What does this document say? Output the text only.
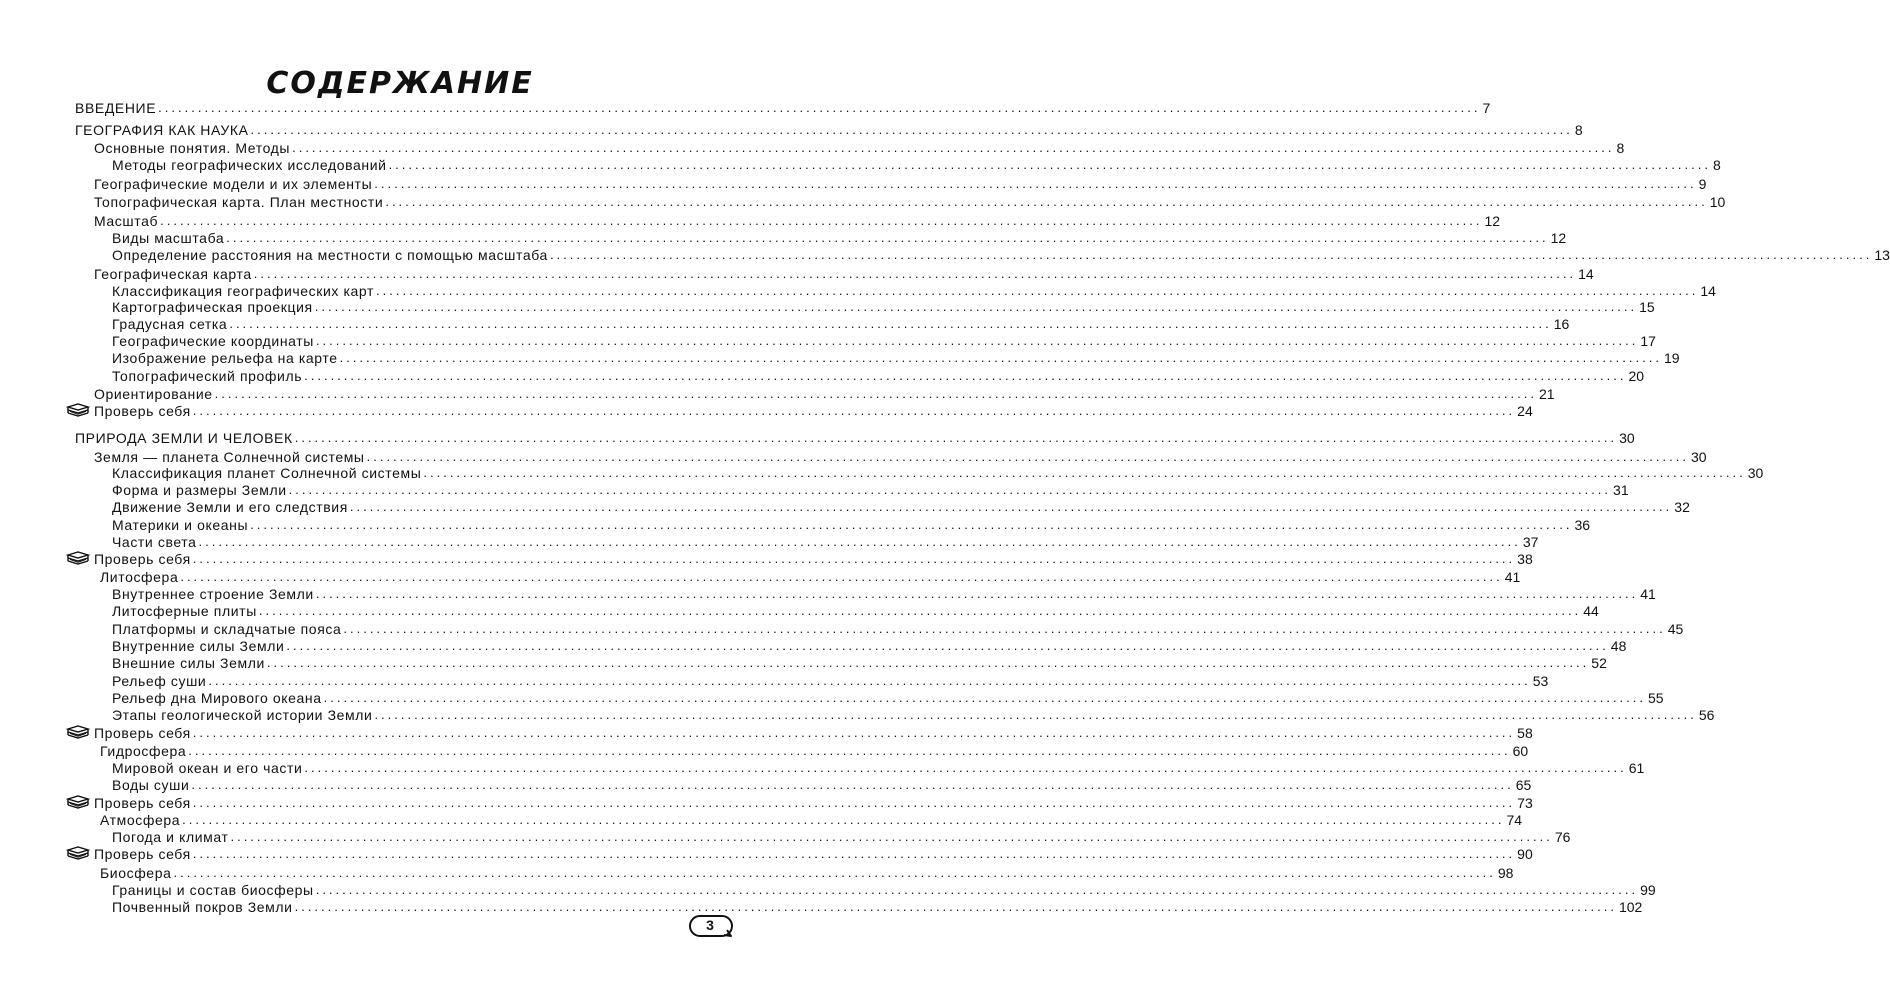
СОДЕРЖАНИЕ
ВВЕДЕНИЕ ........................................................................................................................................................................................................ 7
ГЕОГРАФИЯ КАК НАУКА ........................................................................................................................................................................................................ 8
Основные понятия. Методы ........................................................................................................................................................................................................ 8
Методы географических исследований ........................................................................................................................................................................................................ 8
Географические модели и их элементы ........................................................................................................................................................................................................ 9
Топографическая карта. План местности ........................................................................................................................................................................................................ 10
Масштаб ........................................................................................................................................................................................................ 12
Виды масштаба ........................................................................................................................................................................................................ 12
Определение расстояния на местности с помощью масштаба ........................................................................................................................................................................................................ 13
Географическая карта ........................................................................................................................................................................................................ 14
Классификация географических карт ........................................................................................................................................................................................................ 14
Картографическая проекция ........................................................................................................................................................................................................ 15
Градусная сетка ........................................................................................................................................................................................................ 16
Географические координаты ........................................................................................................................................................................................................ 17
Изображение рельефа на карте ........................................................................................................................................................................................................ 19
Топографический профиль ........................................................................................................................................................................................................ 20
Ориентирование ........................................................................................................................................................................................................ 21
Проверь себя ........................................................................................................................................................................................................ 24
ПРИРОДА ЗЕМЛИ И ЧЕЛОВЕК ........................................................................................................................................................................................................ 30
Земля — планета Солнечной системы ........................................................................................................................................................................................................ 30
Классификация планет Солнечной системы ........................................................................................................................................................................................................ 30
Форма и размеры Земли ........................................................................................................................................................................................................ 31
Движение Земли и его следствия ........................................................................................................................................................................................................ 32
Материки и океаны ........................................................................................................................................................................................................ 36
Части света ........................................................................................................................................................................................................ 37
Проверь себя ........................................................................................................................................................................................................ 38
Литосфера ........................................................................................................................................................................................................ 41
Внутреннее строение Земли ........................................................................................................................................................................................................ 41
Литосферные плиты ........................................................................................................................................................................................................ 44
Платформы и складчатые пояса ........................................................................................................................................................................................................ 45
Внутренние силы Земли ........................................................................................................................................................................................................ 48
Внешние силы Земли ........................................................................................................................................................................................................ 52
Рельеф суши ........................................................................................................................................................................................................ 53
Рельеф дна Мирового океана ........................................................................................................................................................................................................ 55
Этапы геологической истории Земли ........................................................................................................................................................................................................ 56
Проверь себя ........................................................................................................................................................................................................ 58
Гидросфера ........................................................................................................................................................................................................ 60
Мировой океан и его части ........................................................................................................................................................................................................ 61
Воды суши ........................................................................................................................................................................................................ 65
Проверь себя ........................................................................................................................................................................................................ 73
Атмосфера ........................................................................................................................................................................................................ 74
Погода и климат ........................................................................................................................................................................................................ 76
Проверь себя ........................................................................................................................................................................................................ 90
Биосфера ........................................................................................................................................................................................................ 98
Границы и состав биосферы ........................................................................................................................................................................................................ 99
Почвенный покров Земли ........................................................................................................................................................................................................ 102
3
